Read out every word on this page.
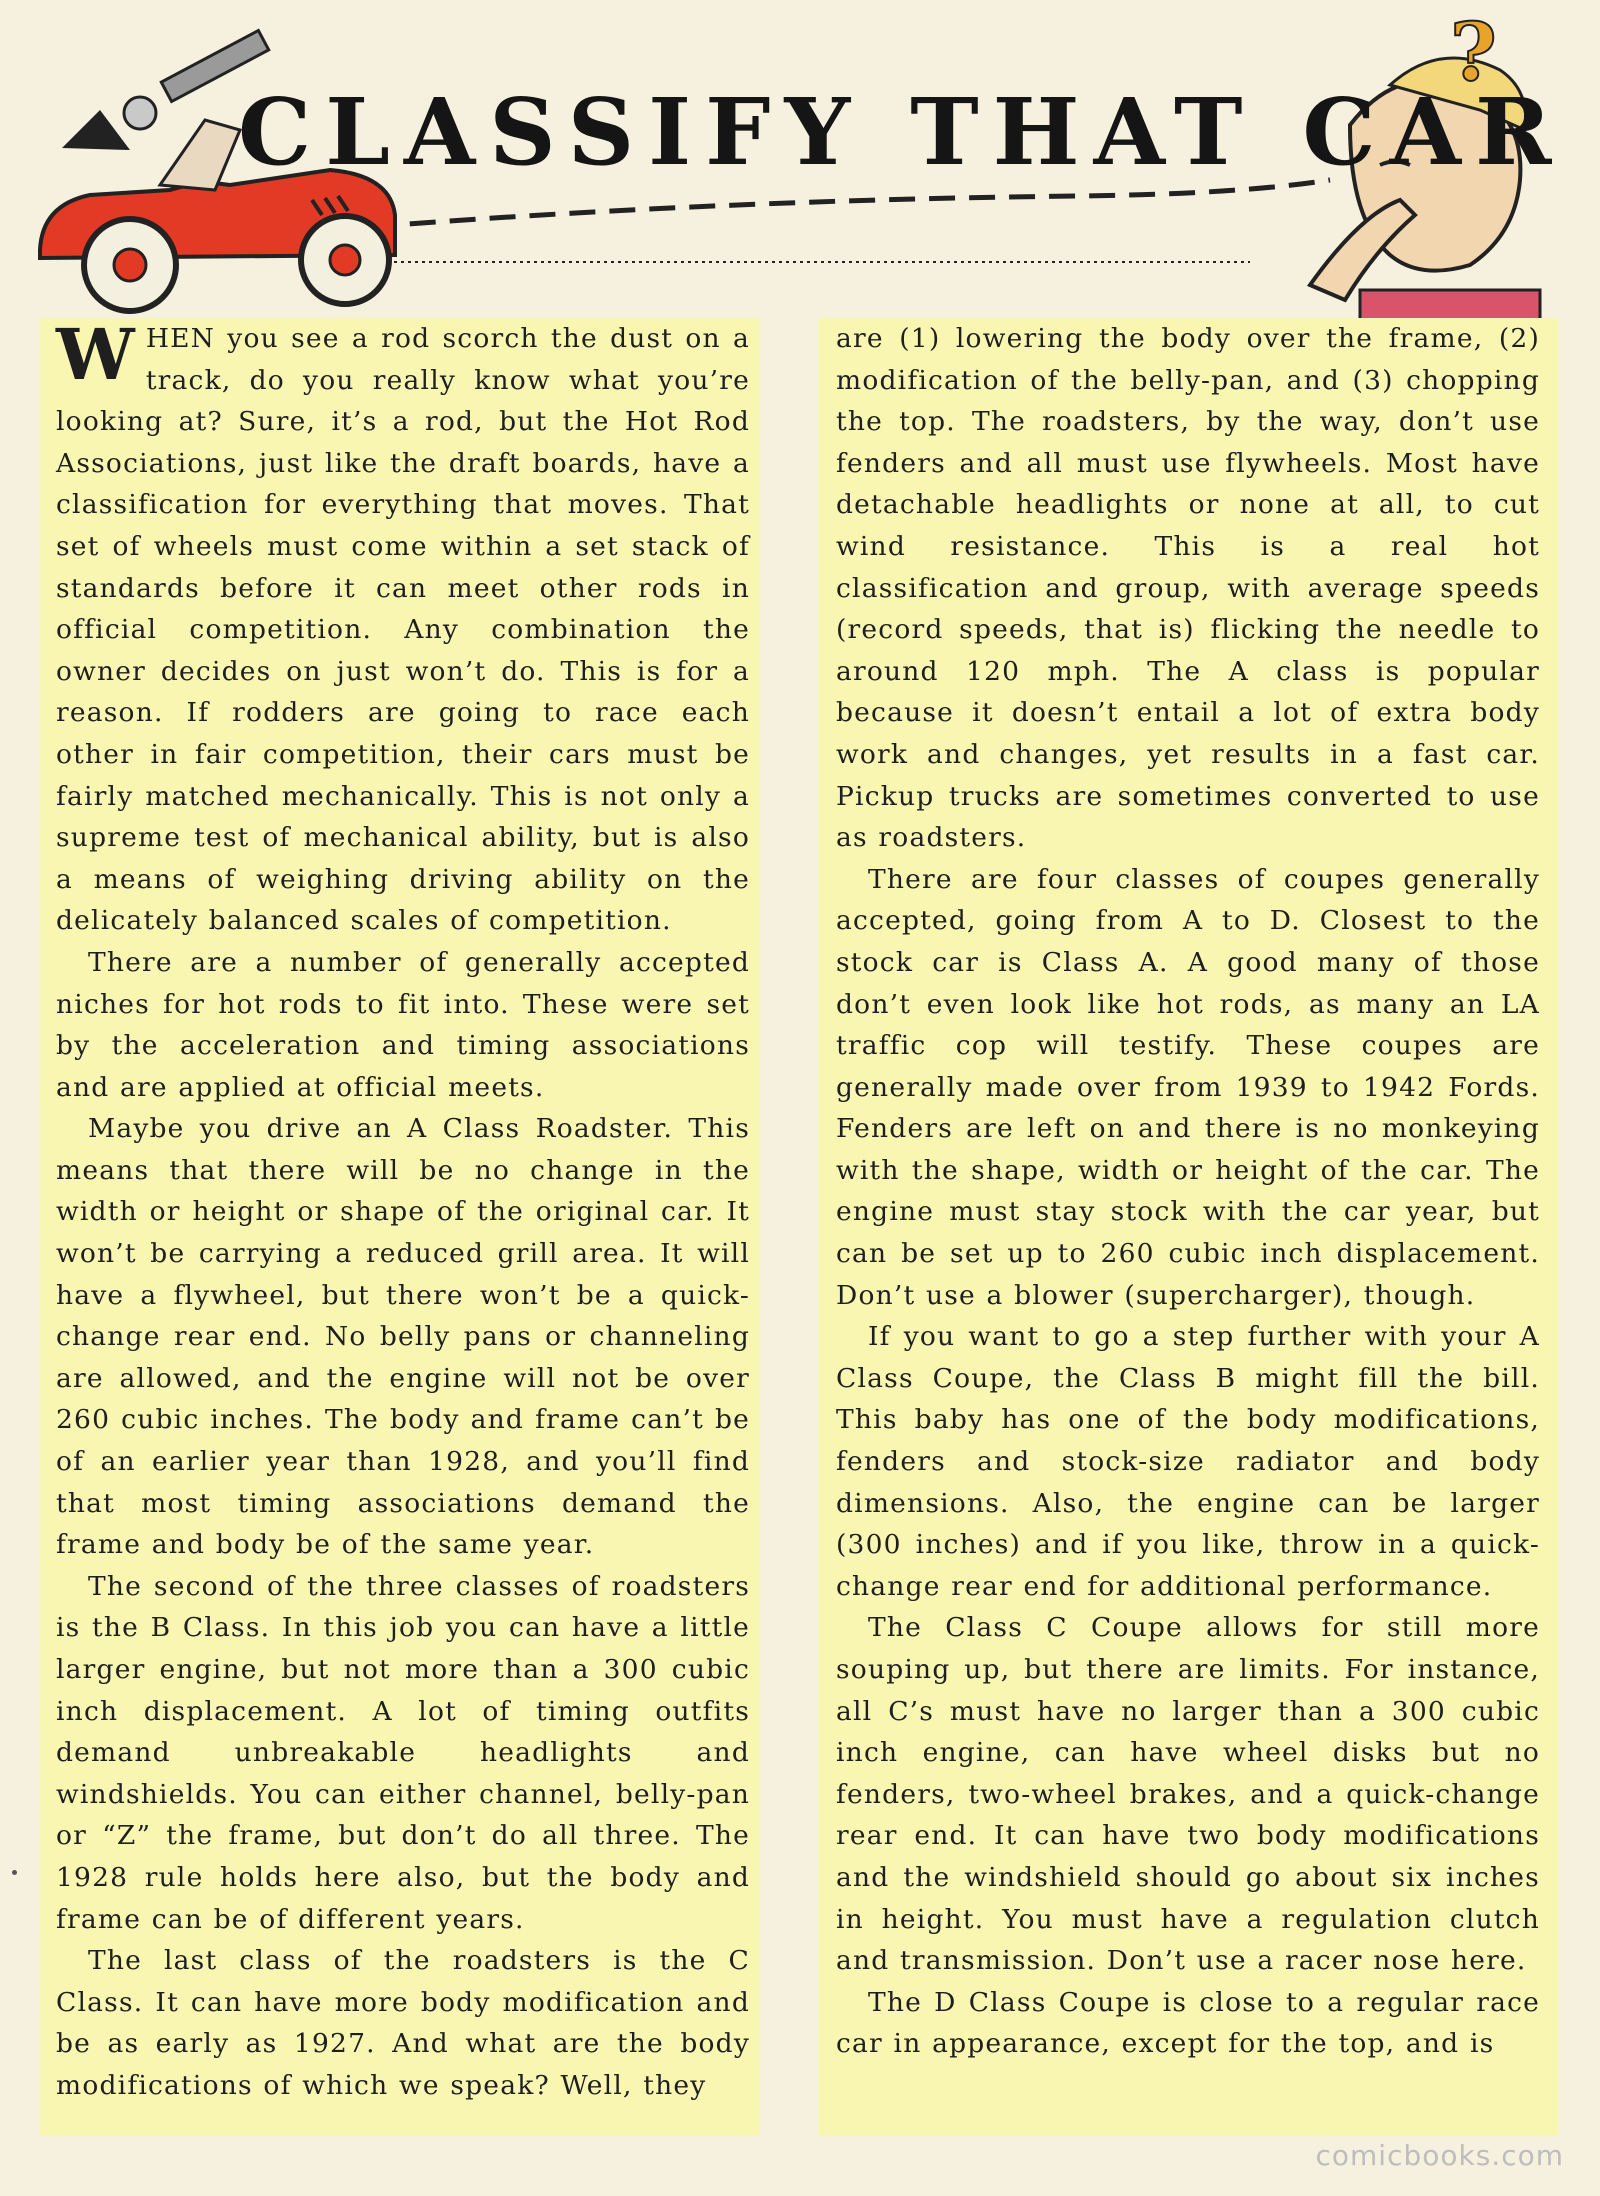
?
CLASSIFY THAT CAR

WHEN you see a rod scorch the dust on a track, do you really know what you’re looking at? Sure, it’s a rod, but the Hot Rod Associations, just like the draft boards, have a classification for everything that moves. That set of wheels must come within a set stack of standards before it can meet other rods in official competition. Any combination the owner decides on just won’t do. This is for a reason. If rodders are going to race each other in fair competition, their cars must be fairly matched mechanically. This is not only a supreme test of mechanical ability, but is also a means of weighing driving ability on the delicately balanced scales of competition.

There are a number of generally accepted niches for hot rods to fit into. These were set by the acceleration and timing associations and are applied at official meets.

Maybe you drive an A Class Roadster. This means that there will be no change in the width or height or shape of the original car. It won’t be carrying a reduced grill area. It will have a flywheel, but there won’t be a quick-change rear end. No belly pans or channeling are allowed, and the engine will not be over 260 cubic inches. The body and frame can’t be of an earlier year than 1928, and you’ll find that most timing associations demand the frame and body be of the same year.

The second of the three classes of roadsters is the B Class. In this job you can have a little larger engine, but not more than a 300 cubic inch displacement. A lot of timing outfits demand unbreakable headlights and windshields. You can either channel, belly-pan or “Z” the frame, but don’t do all three. The 1928 rule holds here also, but the body and frame can be of different years.

The last class of the roadsters is the C Class. It can have more body modification and be as early as 1927. And what are the body modifications of which we speak? Well, they

are (1) lowering the body over the frame, (2) modification of the belly-pan, and (3) chopping the top. The roadsters, by the way, don’t use fenders and all must use flywheels. Most have detachable headlights or none at all, to cut wind resistance. This is a real hot classification and group, with average speeds (record speeds, that is) flicking the needle to around 120 mph. The A class is popular because it doesn’t entail a lot of extra body work and changes, yet results in a fast car. Pickup trucks are sometimes converted to use as roadsters.

There are four classes of coupes generally accepted, going from A to D. Closest to the stock car is Class A. A good many of those don’t even look like hot rods, as many an LA traffic cop will testify. These coupes are generally made over from 1939 to 1942 Fords. Fenders are left on and there is no monkeying with the shape, width or height of the car. The engine must stay stock with the car year, but can be set up to 260 cubic inch displacement. Don’t use a blower (supercharger), though.

If you want to go a step further with your A Class Coupe, the Class B might fill the bill. This baby has one of the body modifications, fenders and stock-size radiator and body dimensions. Also, the engine can be larger (300 inches) and if you like, throw in a quick-change rear end for additional performance.

The Class C Coupe allows for still more souping up, but there are limits. For instance, all C’s must have no larger than a 300 cubic inch engine, can have wheel disks but no fenders, two-wheel brakes, and a quick-change rear end. It can have two body modifications and the windshield should go about six inches in height. You must have a regulation clutch and transmission. Don’t use a racer nose here.

The D Class Coupe is close to a regular race car in appearance, except for the top, and is

comicbooks.com
